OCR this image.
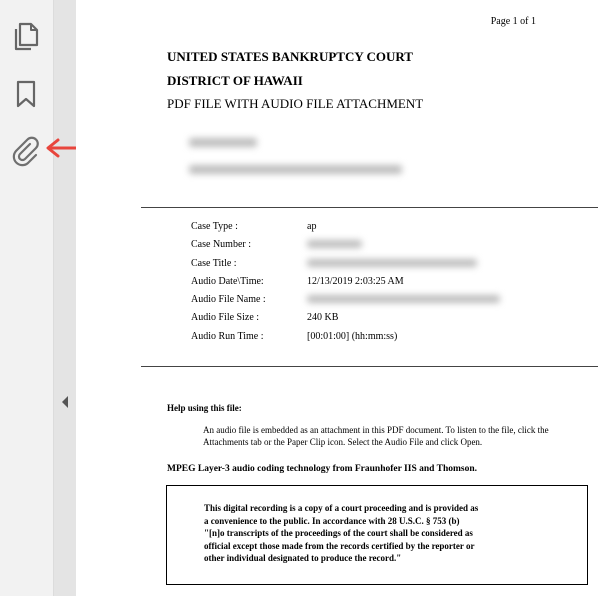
Page 1 of 1
UNITED STATES BANKRUPTCY COURT
DISTRICT OF HAWAII
PDF FILE WITH AUDIO FILE ATTACHMENT
Case Type :	ap
Case Number :
Case Title :
Audio Date\Time:	12/13/2019 2:03:25 AM
Audio File Name :
Audio File Size :	240 KB
Audio Run Time :	[00:01:00] (hh:mm:ss)
Help using this file:
An audio file is embedded as an attachment in this PDF document. To listen to the file, click the Attachments tab or the Paper Clip icon. Select the Audio File and click Open.
MPEG Layer-3 audio coding technology from Fraunhofer IIS and Thomson.
This digital recording is a copy of a court proceeding and is provided as
a convenience to the public. In accordance with 28 U.S.C. § 753 (b)
"[n]o transcripts of the proceedings of the court shall be considered as
official except those made from the records certified by the reporter or
other individual designated to produce the record."
